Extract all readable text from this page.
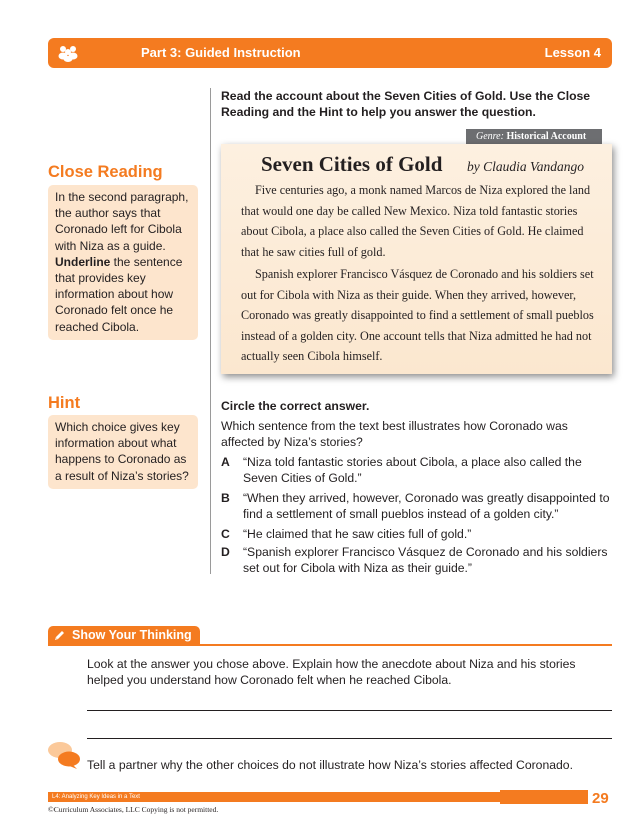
Part 3: Guided Instruction	Lesson 4
Read the account about the Seven Cities of Gold. Use the Close Reading and the Hint to help you answer the question.
Genre: Historical Account
Seven Cities of Gold by Claudia Vandango

Five centuries ago, a monk named Marcos de Niza explored the land that would one day be called New Mexico. Niza told fantastic stories about Cibola, a place also called the Seven Cities of Gold. He claimed that he saw cities full of gold.

Spanish explorer Francisco Vásquez de Coronado and his soldiers set out for Cibola with Niza as their guide. When they arrived, however, Coronado was greatly disappointed to find a settlement of small pueblos instead of a golden city. One account tells that Niza admitted he had not actually seen Cibola himself.

Close Reading
In the second paragraph, the author says that Coronado left for Cibola with Niza as a guide. Underline the sentence that provides key information about how Coronado felt once he reached Cibola.
Hint
Which choice gives key information about what happens to Coronado as a result of Niza’s stories?
Circle the correct answer.
Which sentence from the text best illustrates how Coronado was affected by Niza’s stories?
A “Niza told fantastic stories about Cibola, a place also called the Seven Cities of Gold.”
B “When they arrived, however, Coronado was greatly disappointed to find a settlement of small pueblos instead of a golden city.”
C “He claimed that he saw cities full of gold.”
D “Spanish explorer Francisco Vásquez de Coronado and his soldiers set out for Cibola with Niza as their guide.”
Show Your Thinking
Look at the answer you chose above. Explain how the anecdote about Niza and his stories helped you understand how Coronado felt when he reached Cibola.
Tell a partner why the other choices do not illustrate how Niza’s stories affected Coronado.
L4: Analyzing Key Ideas in a Text	29
©Curriculum Associates, LLC Copying is not permitted.
